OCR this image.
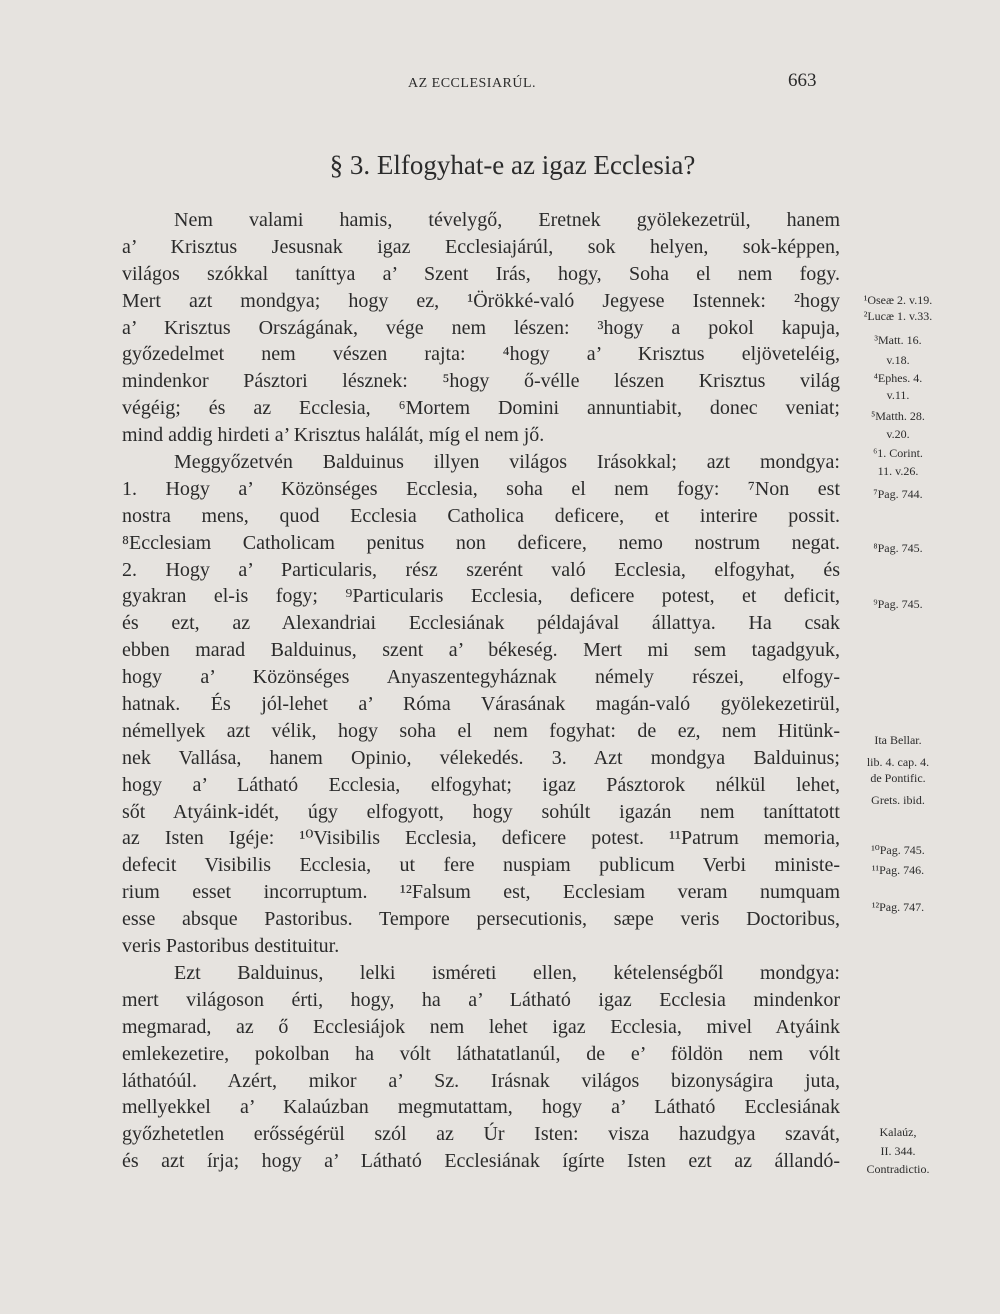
AZ ECCLESIARÚL.	663
§ 3. Elfogyhat-e az igaz Ecclesia?
Nem valami hamis, tévelygő, Eretnek gyölekezetrül, hanem
a’ Krisztus Jesusnak igaz Ecclesiajárúl, sok helyen, sok-képpen,
világos szókkal taníttya a’ Szent Irás, hogy, Soha el nem fogy.
Mert azt mondgya; hogy ez, ¹Örökké-való Jegyese Istennek: ²hogy
a’ Krisztus Országának, vége nem lészen: ³hogy a pokol kapuja,
győzedelmet nem vészen rajta: ⁴hogy a’ Krisztus eljöveteléig,
mindenkor Pásztori lésznek: ⁵hogy ő-vélle lészen Krisztus világ
végéig; és az Ecclesia, ⁶Mortem Domini annuntiabit, donec veniat;
mind addig hirdeti a’ Krisztus halálát, míg el nem jő.
Meggyőzetvén Balduinus illyen világos Irásokkal; azt mondgya:
1. Hogy a’ Közönséges Ecclesia, soha el nem fogy: ⁷Non est
nostra mens, quod Ecclesia Catholica deficere, et interire possit.
⁸Ecclesiam Catholicam penitus non deficere, nemo nostrum negat.
2. Hogy a’ Particularis, rész szerént való Ecclesia, elfogyhat, és
gyakran el-is fogy; ⁹Particularis Ecclesia, deficere potest, et deficit,
és ezt, az Alexandriai Ecclesiának példajával állattya. Ha csak
ebben marad Balduinus, szent a’ békeség. Mert mi sem tagadgyuk,
hogy a’ Közönséges Anyaszentegyháznak némely részei, elfogy-
hatnak. És jól-lehet a’ Róma Várasának magán-való gyölekezetirül,
némellyek azt vélik, hogy soha el nem fogyhat: de ez, nem Hitünk-
nek Vallása, hanem Opinio, vélekedés. 3. Azt mondgya Balduinus;
hogy a’ Látható Ecclesia, elfogyhat; igaz Pásztorok nélkül lehet,
sőt Atyáink-idét, úgy elfogyott, hogy sohúlt igazán nem taníttatott
az Isten Igéje: ¹⁰Visibilis Ecclesia, deficere potest. ¹¹Patrum memoria,
defecit Visibilis Ecclesia, ut fere nuspiam publicum Verbi ministe-
rium esset incorruptum. ¹²Falsum est, Ecclesiam veram numquam
esse absque Pastoribus. Tempore persecutionis, sæpe veris Doctoribus,
veris Pastoribus destituitur.
Ezt Balduinus, lelki isméreti ellen, kételenségből mondgya:
mert világoson érti, hogy, ha a’ Látható igaz Ecclesia mindenkor
megmarad, az ő Ecclesiájok nem lehet igaz Ecclesia, mivel Atyáink
emlekezetire, pokolban ha vólt láthatatlanúl, de e’ földön nem vólt
láthatóúl. Azért, mikor a’ Sz. Irásnak világos bizonyságira juta,
mellyekkel a’ Kalaúzban megmutattam, hogy a’ Látható Ecclesiának
győzhetetlen erősségérül szól az Úr Isten: visza hazudgya szavát,
és azt írja; hogy a’ Látható Ecclesiának ígírte Isten ezt az állandó-
¹Oseæ 2. v.19.
²Lucæ 1. v.33.
³Matt. 16.
v.18.
⁴Ephes. 4.
v.11.
⁵Matth. 28.
v.20.
⁶1. Corint.
11. v.26.
⁷Pag. 744.
⁸Pag. 745.
⁹Pag. 745.
Ita Bellar.
lib. 4. cap. 4.
de Pontific.
Grets. ibid.
¹⁰Pag. 745.
¹¹Pag. 746.
¹²Pag. 747.
Kalaúz,
II. 344.
Contradictio.
